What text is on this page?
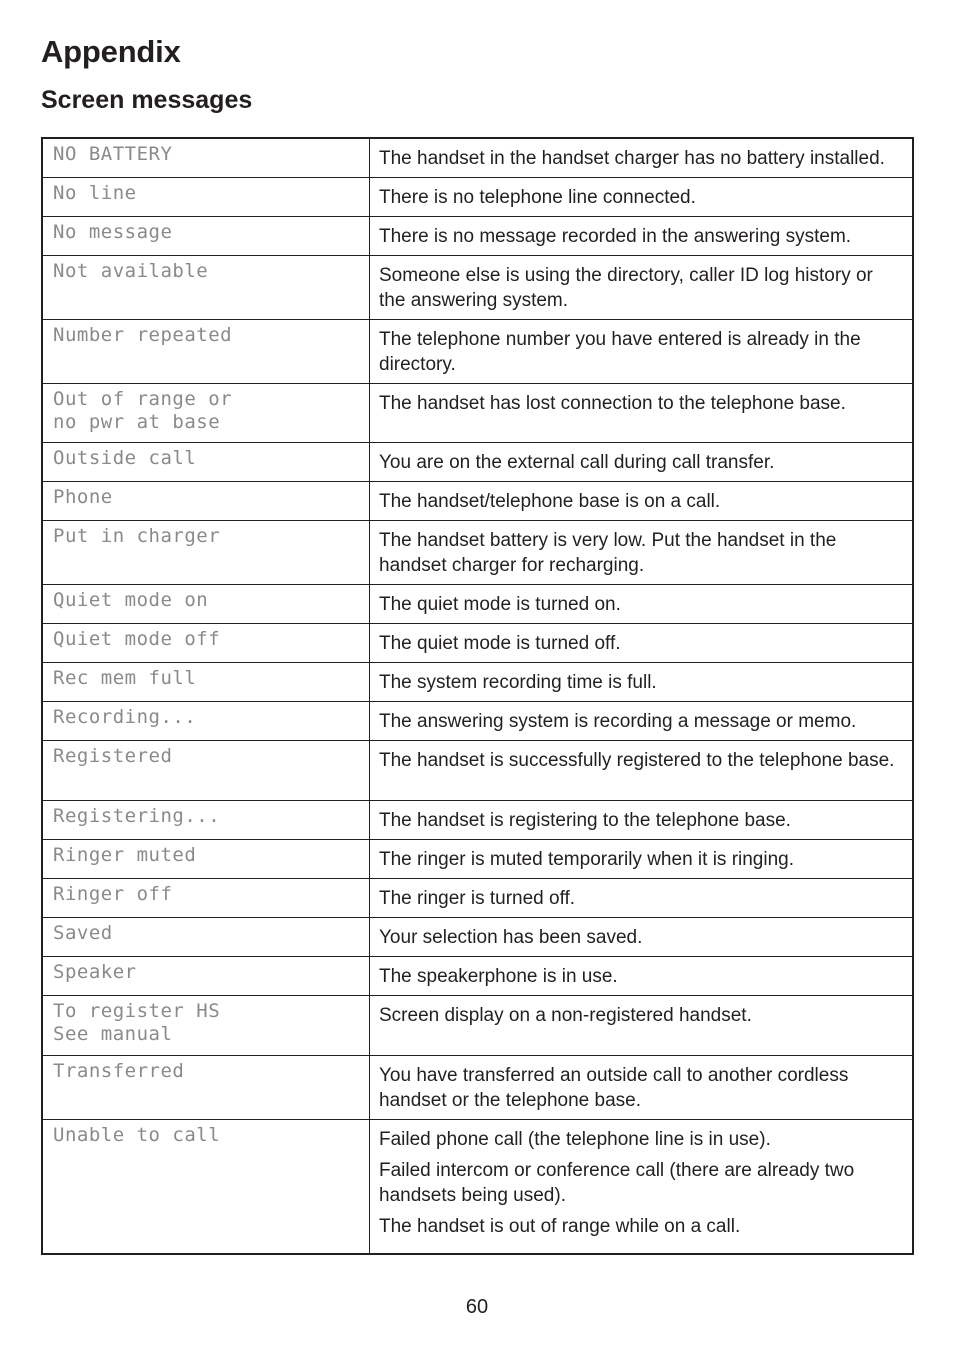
Appendix
Screen messages
NO BATTERY	The handset in the handset charger has no battery installed.

No line	There is no telephone line connected.

No message	There is no message recorded in the answering system.

Not available	Someone else is using the directory, caller ID log history or the answering system.

Number repeated	The telephone number you have entered is already in the directory.

Out of range or
no pwr at base	The handset has lost connection to the telephone base.

Outside call	You are on the external call during call transfer.

Phone	The handset/telephone base is on a call.

Put in charger	The handset battery is very low. Put the handset in the handset charger for recharging.

Quiet mode on	The quiet mode is turned on.

Quiet mode off	The quiet mode is turned off.

Rec mem full	The system recording time is full.

Recording...	The answering system is recording a message or memo.

Registered	The handset is successfully registered to the telephone base.

Registering...	The handset is registering to the telephone base.

Ringer muted	The ringer is muted temporarily when it is ringing.

Ringer off	The ringer is turned off.

Saved	Your selection has been saved.

Speaker	The speakerphone is in use.

To register HS
See manual	Screen display on a non-registered handset.

Transferred	You have transferred an outside call to another cordless handset or the telephone base.

Unable to call	Failed phone call (the telephone line is in use).

Failed intercom or conference call (there are already two handsets being used).

The handset is out of range while on a call.

60
